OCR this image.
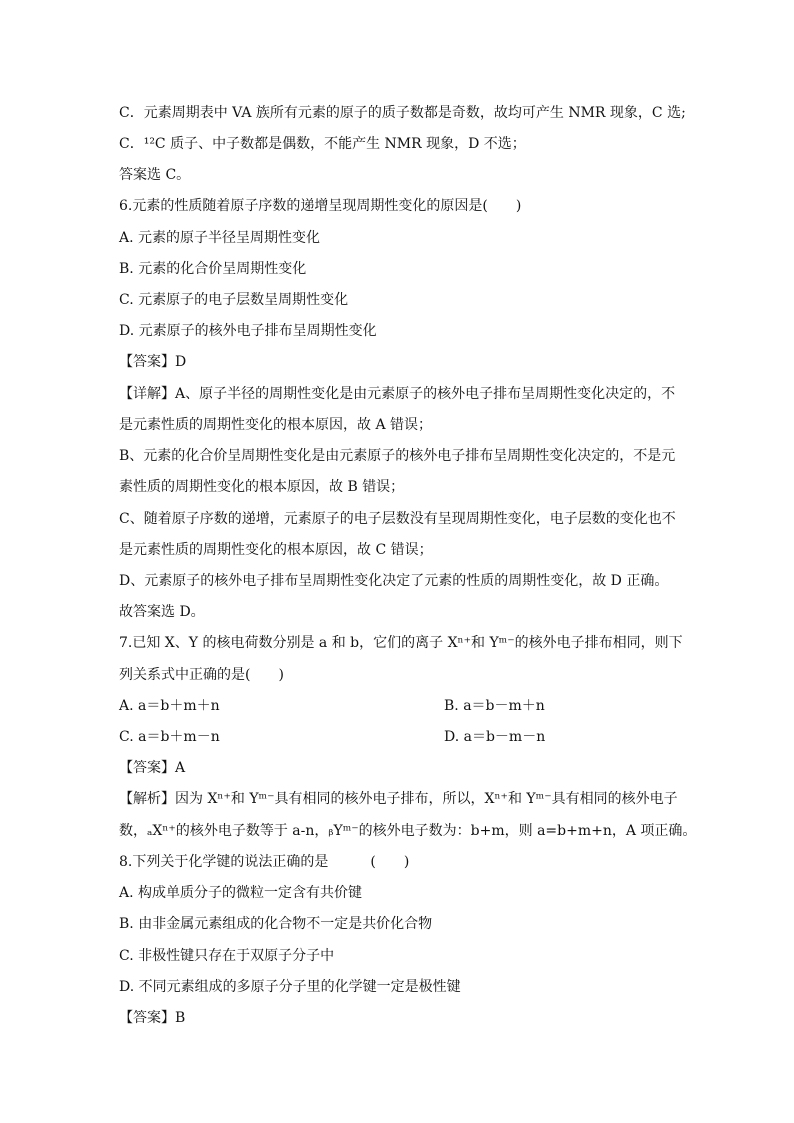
C．元素周期表中 VA 族所有元素的原子的质子数都是奇数，故均可产生 NMR 现象，C 选;
C．¹²C 质子、中子数都是偶数，不能产生 NMR 现象，D 不选；
答案选 C。
6.元素的性质随着原子序数的递增呈现周期性变化的原因是(　　)
A. 元素的原子半径呈周期性变化
B. 元素的化合价呈周期性变化
C. 元素原子的电子层数呈周期性变化
D. 元素原子的核外电子排布呈周期性变化
【答案】D
【详解】A、原子半径的周期性变化是由元素原子的核外电子排布呈周期性变化决定的，不
是元素性质的周期性变化的根本原因，故 A 错误；
B、元素的化合价呈周期性变化是由元素原子的核外电子排布呈周期性变化决定的，不是元
素性质的周期性变化的根本原因，故 B 错误；
C、随着原子序数的递增，元素原子的电子层数没有呈现周期性变化，电子层数的变化也不
是元素性质的周期性变化的根本原因，故 C 错误；
D、元素原子的核外电子排布呈周期性变化决定了元素的性质的周期性变化，故 D 正确。
故答案选 D。
7.已知 X、Y 的核电荷数分别是 a 和 b，它们的离子 Xⁿ⁺和 Yᵐ⁻的核外电子排布相同，则下
列关系式中正确的是(　　)
A. a＝b＋m＋n	B. a＝b－m＋n
C. a＝b＋m－n	D. a＝b－m－n
【答案】A
【解析】因为 Xⁿ⁺和 Yᵐ⁻具有相同的核外电子排布，所以，Xⁿ⁺和 Yᵐ⁻具有相同的核外电子
数，ₐXⁿ⁺的核外电子数等于 a-n，ᵦYᵐ⁻的核外电子数为：b+m，则 a=b+m+n，A 项正确。
8.下列关于化学键的说法正确的是　　　(　　)
A. 构成单质分子的微粒一定含有共价键
B. 由非金属元素组成的化合物不一定是共价化合物
C. 非极性键只存在于双原子分子中
D. 不同元素组成的多原子分子里的化学键一定是极性键
【答案】B
